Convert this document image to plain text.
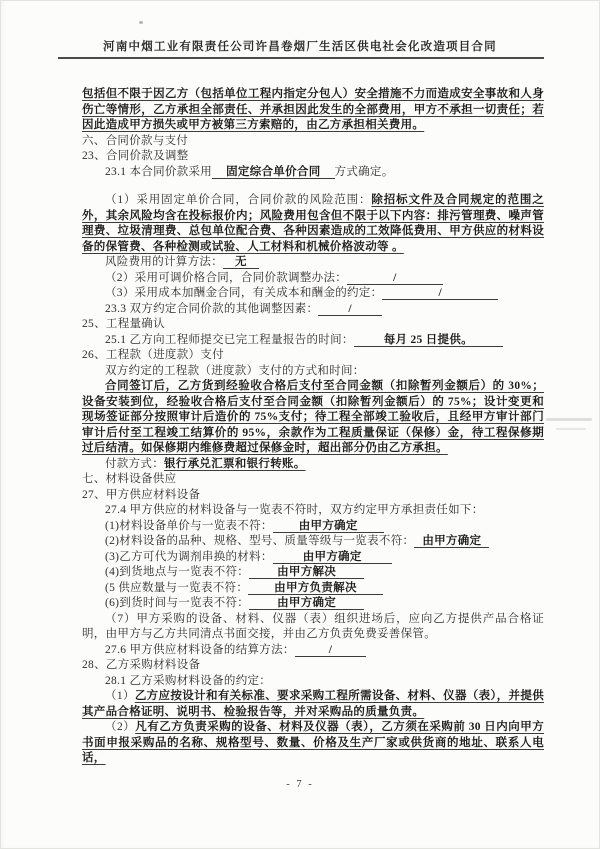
河南中烟工业有限责任公司许昌卷烟厂生活区供电社会化改造项目合同

包括但不限于因乙方（包括单位工程内指定分包人）安全措施不力而造成安全事故和人身伤亡等情形，乙方承担全部责任、并承担因此发生的全部费用，甲方不承担一切责任；若因此造成甲方损失或甲方被第三方索赔的，由乙方承担相关费用。

六、合同价款与支付

23、合同价款及调整

23.1 本合同价款采用 固定综合单价合同 方式确定。

（1）采用固定单价合同，合同价款的风险范围：除招标文件及合同规定的范围之外，其余风险均含在投标报价内；风险费用包含但不限于以下内容：排污管理费、噪声管理费、垃圾清理费、总包单位配合费、各种因素造成的工效降低费用、甲方供应的材料设备的保管费、各种检测或试验、人工材料和机械价格波动等 。

风险费用的计算方法： 无

（2）采用可调价格合同，合同价款调整办法：	/

（3）采用成本加酬金合同，有关成本和酬金的约定：	/

23.3 双方约定合同价款的其他调整因素：	/

25、工程量确认

25.1 乙方向工程师提交已完工程量报告的时间：	每月 25 日提供。

26、工程款（进度款）支付

双方约定的工程款（进度款）支付的方式和时间：

合同签订后，乙方货到经验收合格后支付至合同金额（扣除暂列金额后）的 30%；设备安装到位，经验收合格后支付至合同金额（扣除暂列金额后）的 75%；设计变更和现场签证部分按照审计后造价的 75%支付；待工程全部竣工验收后，且经甲方审计部门审计后付至工程竣工结算价的 95%，余款作为工程质量保证（保修）金，待工程保修期过后结清。如保修期内维修费超过保修金时，超出部分仍由乙方承担。

付款方式：银行承兑汇票和银行转账。

七、材料设备供应

27、甲方供应材料设备

27.4 甲方供应的材料设备与一览表不符时，双方约定甲方承担责任如下：

(1)材料设备单价与一览表不符： 由甲方确定

(2)材料设备的品种、规格、型号、质量等级与一览表不符： 由甲方确定

(3)乙方可代为调剂串换的材料：	由甲方确定

(4)到货地点与一览表不符： 由甲方解决

(5 供应数量与一览表不符： 由甲方负责解决

(6)到货时间与一览表不符： 由甲方确定

（7）甲方采购的设备、材料、仪器（表）组织进场后，应向乙方提供产品合格证明，由甲方与乙方共同清点书面交接，并由乙方负责免费妥善保管。

27.6 甲方供应材料设备的结算方法：	/

28、乙方采购材料设备

28.1 乙方采购材料设备的约定：

（1）乙方应按设计和有关标准、要求采购工程所需设备、材料、仪器（表），并提供其产品合格证明、说明书、检验报告等，并对采购品的质量负责。

（2）凡有乙方负责采购的设备、材料及仪器（表），乙方须在采购前 30 日内向甲方书面申报采购品的名称、规格型号、数量、价格及生产厂家或供货商的地址、联系人电话，

- 7 -
